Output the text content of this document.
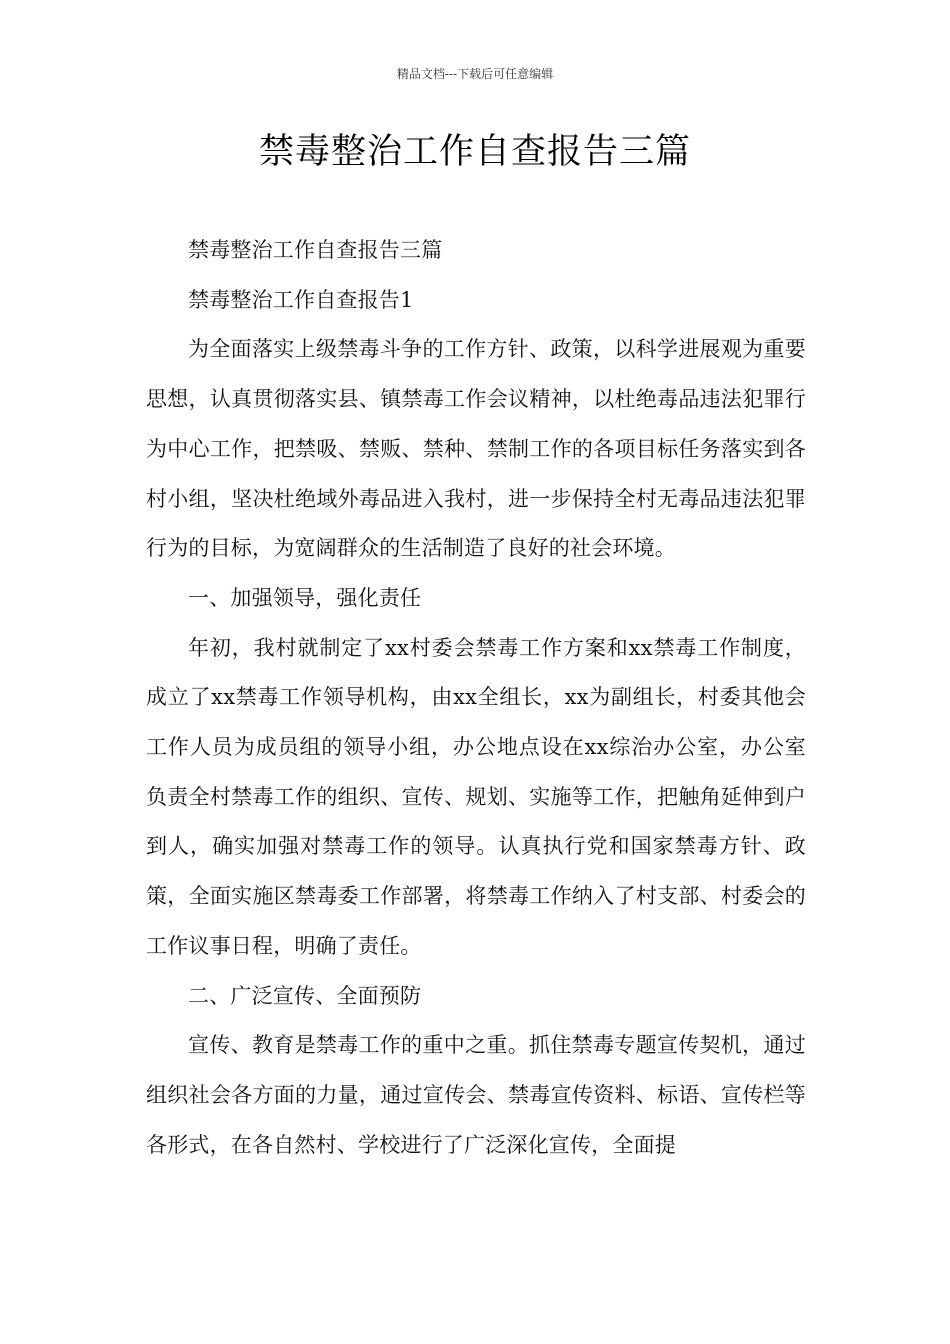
精品文档---下载后可任意编辑
禁毒整治工作自查报告三篇

禁毒整治工作自查报告三篇

禁毒整治工作自查报告1

为全面落实上级禁毒斗争的工作方针、政策，以科学进展观为重要思想，认真贯彻落实县、镇禁毒工作会议精神，以杜绝毒品违法犯罪行为中心工作，把禁吸、禁贩、禁种、禁制工作的各项目标任务落实到各村小组，坚决杜绝域外毒品进入我村，进一步保持全村无毒品违法犯罪行为的目标，为宽阔群众的生活制造了良好的社会环境。

一、加强领导，强化责任

年初，我村就制定了xx村委会禁毒工作方案和xx禁毒工作制度，成立了xx禁毒工作领导机构，由xx全组长，xx为副组长，村委其他会工作人员为成员组的领导小组，办公地点设在xx综治办公室，办公室负责全村禁毒工作的组织、宣传、规划、实施等工作，把触角延伸到户到人，确实加强对禁毒工作的领导。认真执行党和国家禁毒方针、政策，全面实施区禁毒委工作部署，将禁毒工作纳入了村支部、村委会的工作议事日程，明确了责任。

二、广泛宣传、全面预防

宣传、教育是禁毒工作的重中之重。抓住禁毒专题宣传契机，通过组织社会各方面的力量，通过宣传会、禁毒宣传资料、标语、宣传栏等各形式，在各自然村、学校进行了广泛深化宣传，全面提
